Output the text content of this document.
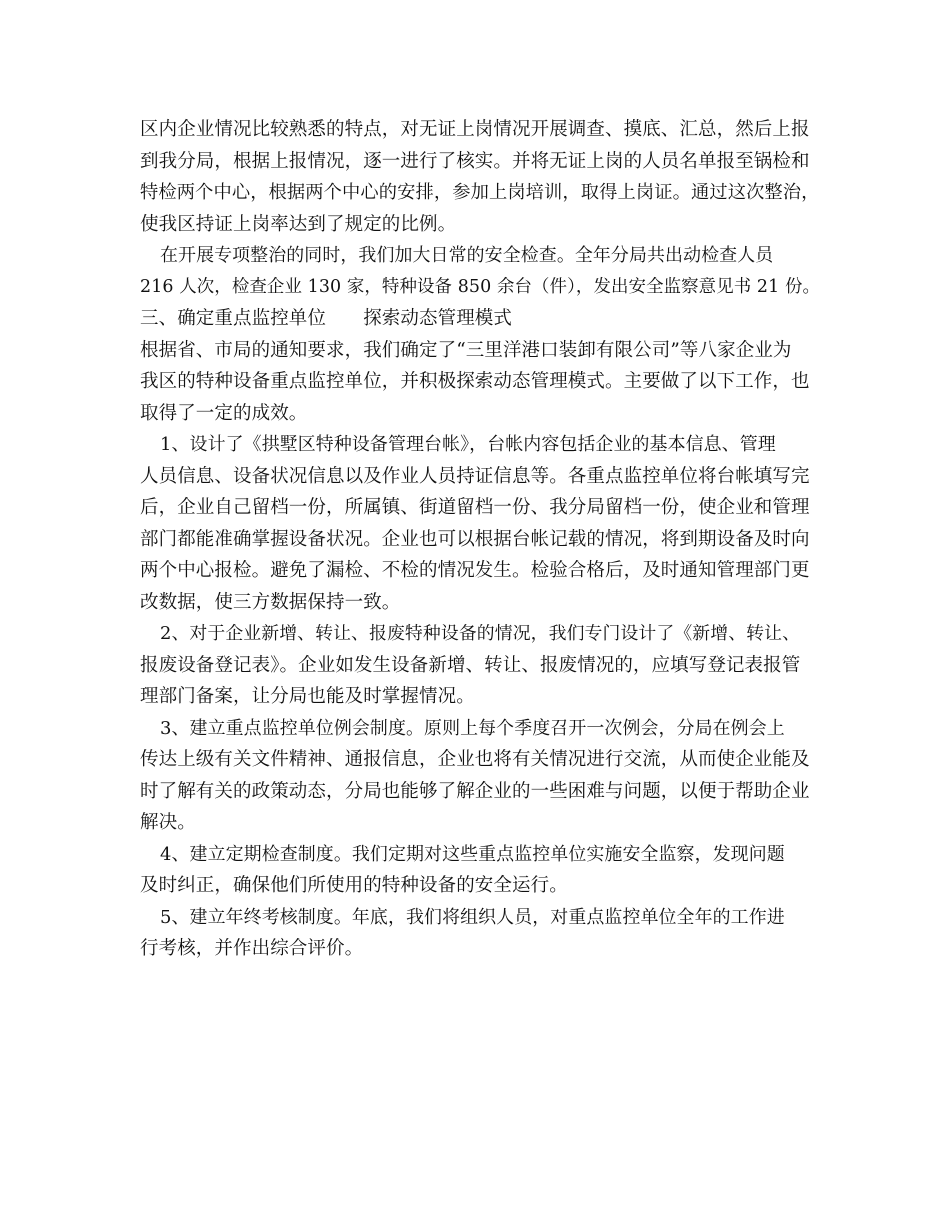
区内企业情况比较熟悉的特点，对无证上岗情况开展调查、摸底、汇总，然后上报
到我分局，根据上报情况，逐一进行了核实。并将无证上岗的人员名单报至锅检和
特检两个中心，根据两个中心的安排，参加上岗培训，取得上岗证。通过这次整治，
使我区持证上岗率达到了规定的比例。
在开展专项整治的同时，我们加大日常的安全检查。全年分局共出动检查人员
216 人次，检查企业 130 家，特种设备 850 余台（件），发出安全监察意见书 21 份。
三、确定重点监控单位　　探索动态管理模式
根据省、市局的通知要求，我们确定了“三里洋港口装卸有限公司”等八家企业为
我区的特种设备重点监控单位，并积极探索动态管理模式。主要做了以下工作，也
取得了一定的成效。
1、设计了《拱墅区特种设备管理台帐》，台帐内容包括企业的基本信息、管理
人员信息、设备状况信息以及作业人员持证信息等。各重点监控单位将台帐填写完
后，企业自己留档一份，所属镇、街道留档一份、我分局留档一份，使企业和管理
部门都能准确掌握设备状况。企业也可以根据台帐记载的情况，将到期设备及时向
两个中心报检。避免了漏检、不检的情况发生。检验合格后，及时通知管理部门更
改数据，使三方数据保持一致。
2、对于企业新增、转让、报废特种设备的情况，我们专门设计了《新增、转让、
报废设备登记表》。企业如发生设备新增、转让、报废情况的，应填写登记表报管
理部门备案，让分局也能及时掌握情况。
3、建立重点监控单位例会制度。原则上每个季度召开一次例会，分局在例会上
传达上级有关文件精神、通报信息，企业也将有关情况进行交流，从而使企业能及
时了解有关的政策动态，分局也能够了解企业的一些困难与问题，以便于帮助企业
解决。
4、建立定期检查制度。我们定期对这些重点监控单位实施安全监察，发现问题
及时纠正，确保他们所使用的特种设备的安全运行。
5、建立年终考核制度。年底，我们将组织人员，对重点监控单位全年的工作进
行考核，并作出综合评价。
